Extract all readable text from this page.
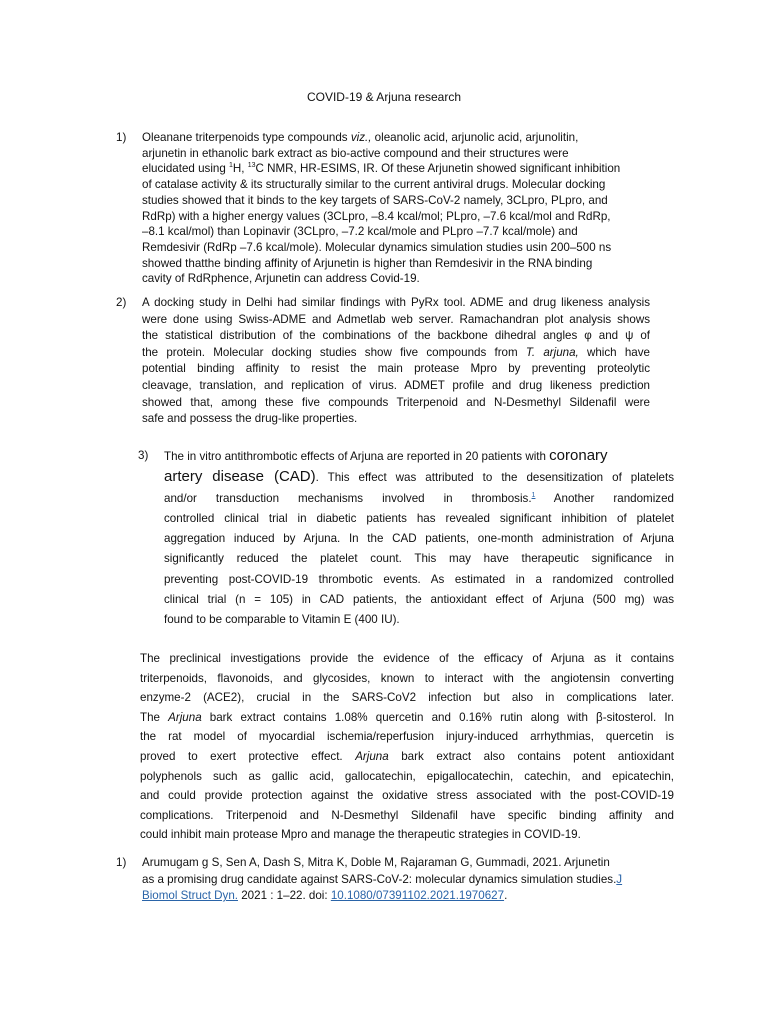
COVID-19 & Arjuna research
1)	Oleanane triterpenoids type compounds viz., oleanolic acid, arjunolic acid, arjunolitin,
arjunetin in ethanolic bark extract as bio-active compound and their structures were
elucidated using $^1$H, $^{13}$C NMR, HR-ESIMS, IR. Of these Arjunetin showed significant inhibition
of catalase activity & its structurally similar to the current antiviral drugs. Molecular docking
studies showed that it binds to the key targets of SARS-CoV-2 namely, 3CLpro, PLpro, and
RdRp) with a higher energy values (3CLpro, –8.4 kcal/mol; PLpro, –7.6 kcal/mol and RdRp,
–8.1 kcal/mol) than Lopinavir (3CLpro, –7.2 kcal/mole and PLpro –7.7 kcal/mole) and
Remdesivir (RdRp –7.6 kcal/mole). Molecular dynamics simulation studies usin 200–500 ns
showed thatthe binding affinity of Arjunetin is higher than Remdesivir in the RNA binding
cavity of RdRphence, Arjunetin can address Covid-19.
2)	A docking study in Delhi had similar findings with PyRx tool. ADME and drug likeness analysis
were done using Swiss-ADME and Admetlab web server. Ramachandran plot analysis shows
the statistical distribution of the combinations of the backbone dihedral angles φ and ψ of
the protein. Molecular docking studies show five compounds from T. arjuna, which have
potential binding affinity to resist the main protease Mpro by preventing proteolytic
cleavage, translation, and replication of virus. ADMET profile and drug likeness prediction
showed that, among these five compounds Triterpenoid and N-Desmethyl Sildenafil were
safe and possess the drug-like properties.
3)	The in vitro antithrombotic effects of Arjuna are reported in 20 patients with coronary
artery disease (CAD). This effect was attributed to the desensitization of platelets
and/or transduction mechanisms involved in thrombosis.$^1$ Another randomized
controlled clinical trial in diabetic patients has revealed significant inhibition of platelet
aggregation induced by Arjuna. In the CAD patients, one-month administration of Arjuna
significantly reduced the platelet count. This may have therapeutic significance in
preventing post-COVID-19 thrombotic events. As estimated in a randomized controlled
clinical trial (n = 105) in CAD patients, the antioxidant effect of Arjuna (500 mg) was
found to be comparable to Vitamin E (400 IU).
The preclinical investigations provide the evidence of the efficacy of Arjuna as it contains
triterpenoids, flavonoids, and glycosides, known to interact with the angiotensin converting
enzyme-2 (ACE2), crucial in the SARS-CoV2 infection but also in complications later.
The Arjuna bark extract contains 1.08% quercetin and 0.16% rutin along with β-sitosterol. In
the rat model of myocardial ischemia/reperfusion injury-induced arrhythmias, quercetin is
proved to exert protective effect. Arjuna bark extract also contains potent antioxidant
polyphenols such as gallic acid, gallocatechin, epigallocatechin, catechin, and epicatechin,
and could provide protection against the oxidative stress associated with the post-COVID-19
complications. Triterpenoid and N-Desmethyl Sildenafil have specific binding affinity and
could inhibit main protease Mpro and manage the therapeutic strategies in COVID-19.
1)	Arumugam g S, Sen A, Dash S, Mitra K, Doble M, Rajaraman G, Gummadi, 2021. Arjunetin
as a promising drug candidate against SARS-CoV-2: molecular dynamics simulation studies.J
Biomol Struct Dyn. 2021 : 1–22. doi: 10.1080/07391102.2021.1970627.
